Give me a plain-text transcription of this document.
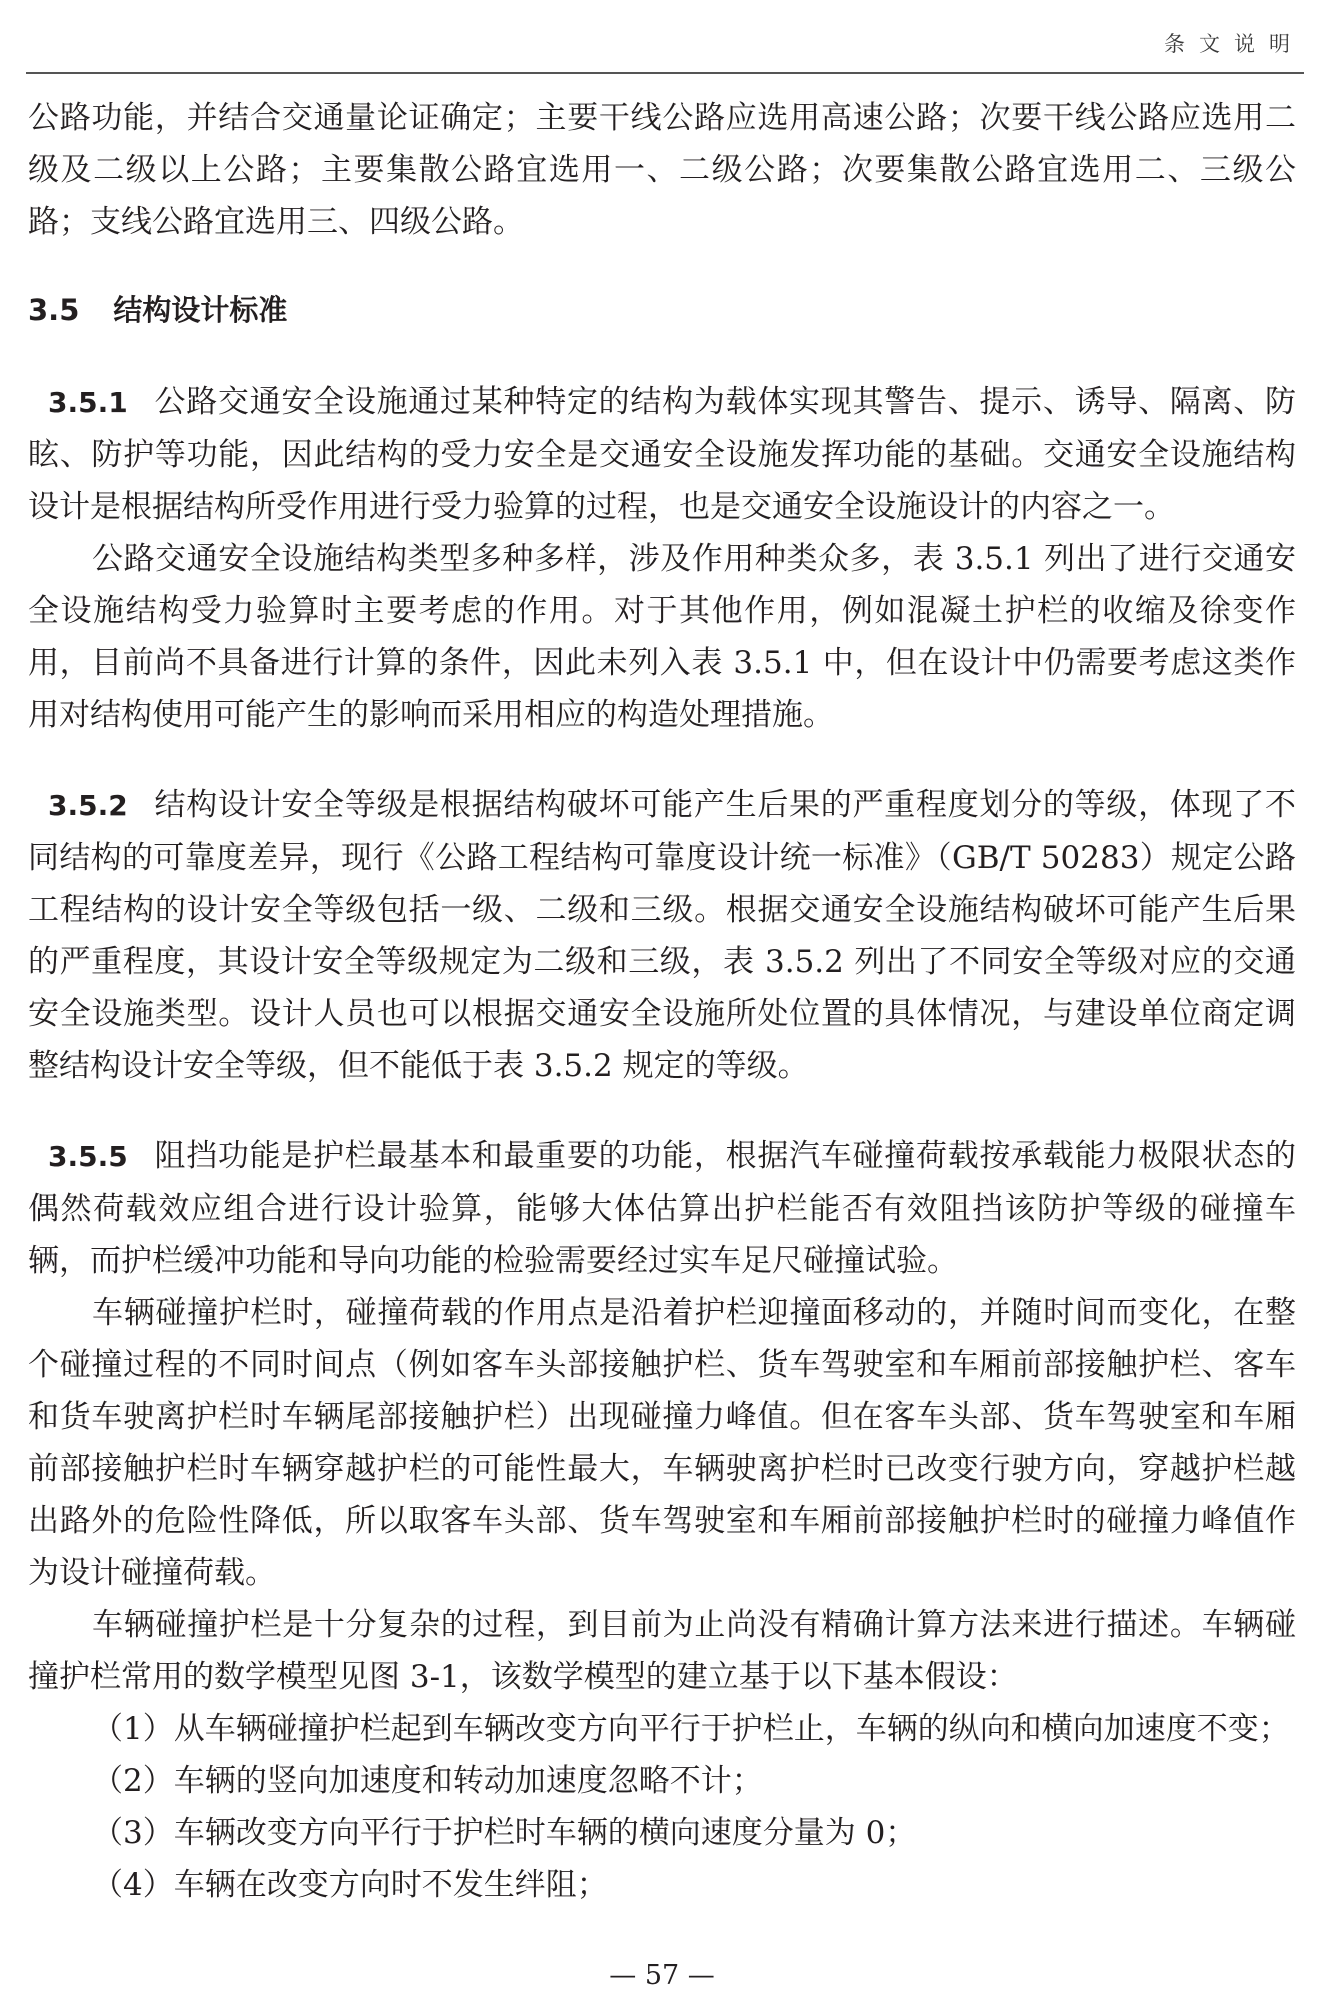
条文说明

公路功能，并结合交通量论证确定；主要干线公路应选用高速公路；次要干线公路应选用二级及二级以上公路；主要集散公路宜选用一、二级公路；次要集散公路宜选用二、三级公路；支线公路宜选用三、四级公路。

3.5 结构设计标准

3.5.1 公路交通安全设施通过某种特定的结构为载体实现其警告、提示、诱导、隔离、防眩、防护等功能，因此结构的受力安全是交通安全设施发挥功能的基础。交通安全设施结构设计是根据结构所受作用进行受力验算的过程，也是交通安全设施设计的内容之一。

公路交通安全设施结构类型多种多样，涉及作用种类众多，表 3.5.1 列出了进行交通安全设施结构受力验算时主要考虑的作用。对于其他作用，例如混凝土护栏的收缩及徐变作用，目前尚不具备进行计算的条件，因此未列入表 3.5.1 中，但在设计中仍需要考虑这类作用对结构使用可能产生的影响而采用相应的构造处理措施。

3.5.2 结构设计安全等级是根据结构破坏可能产生后果的严重程度划分的等级，体现了不同结构的可靠度差异，现行《公路工程结构可靠度设计统一标准》（GB/T 50283）规定公路工程结构的设计安全等级包括一级、二级和三级。根据交通安全设施结构破坏可能产生后果的严重程度，其设计安全等级规定为二级和三级，表 3.5.2 列出了不同安全等级对应的交通安全设施类型。设计人员也可以根据交通安全设施所处位置的具体情况，与建设单位商定调整结构设计安全等级，但不能低于表 3.5.2 规定的等级。

3.5.5 阻挡功能是护栏最基本和最重要的功能，根据汽车碰撞荷载按承载能力极限状态的偶然荷载效应组合进行设计验算，能够大体估算出护栏能否有效阻挡该防护等级的碰撞车辆，而护栏缓冲功能和导向功能的检验需要经过实车足尺碰撞试验。

车辆碰撞护栏时，碰撞荷载的作用点是沿着护栏迎撞面移动的，并随时间而变化，在整个碰撞过程的不同时间点（例如客车头部接触护栏、货车驾驶室和车厢前部接触护栏、客车和货车驶离护栏时车辆尾部接触护栏）出现碰撞力峰值。但在客车头部、货车驾驶室和车厢前部接触护栏时车辆穿越护栏的可能性最大，车辆驶离护栏时已改变行驶方向，穿越护栏越出路外的危险性降低，所以取客车头部、货车驾驶室和车厢前部接触护栏时的碰撞力峰值作为设计碰撞荷载。

车辆碰撞护栏是十分复杂的过程，到目前为止尚没有精确计算方法来进行描述。车辆碰撞护栏常用的数学模型见图 3-1，该数学模型的建立基于以下基本假设：

（1）从车辆碰撞护栏起到车辆改变方向平行于护栏止，车辆的纵向和横向加速度不变；

（2）车辆的竖向加速度和转动加速度忽略不计；

（3）车辆改变方向平行于护栏时车辆的横向速度分量为 0；

（4）车辆在改变方向时不发生绊阻；

— 57 —
